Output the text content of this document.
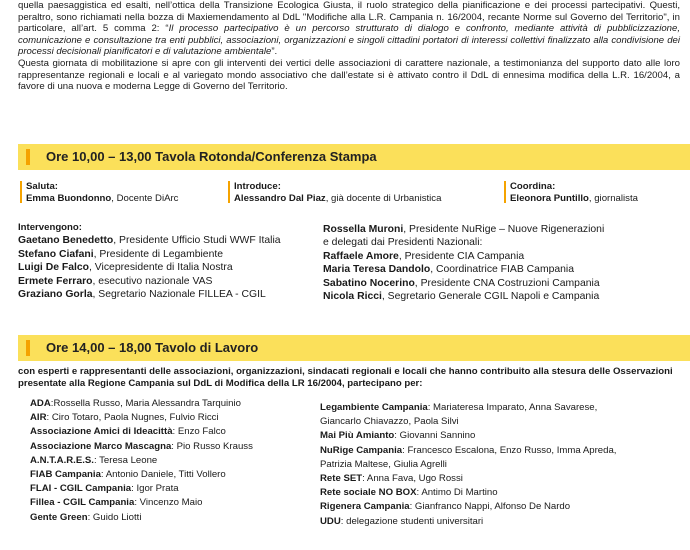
quella paesaggistica ed esalti, nell’ottica della Transizione Ecologica Giusta, il ruolo strategico della pianificazione e dei processi partecipativi. Questi, peraltro, sono richiamati nella bozza di Maxiemendamento al DdL "Modifiche alla L.R. Campania n. 16/2004, recante Norme sul Governo del Territorio", in particolare, all’art. 5 comma 2: “Il processo partecipativo è un percorso strutturato di dialogo e confronto, mediante attività di pubblicizzazione, comunicazione e consultazione tra enti pubblici, associazioni, organizzazioni e singoli cittadini portatori di interessi collettivi finalizzato alla condivisione dei processi decisionali pianificatori e di valutazione ambientale”.

Questa giornata di mobilitazione si apre con gli interventi dei vertici delle associazioni di carattere nazionale, a testimonianza del supporto dato alle loro rappresentanze regionali e locali e al variegato mondo associativo che dall’estate si è attivato contro il DdL di ennesima modifica della L.R. 16/2004, a favore di una nuova e moderna Legge di Governo del Territorio.

Ore 10,00 – 13,00 Tavola Rotonda/Conferenza Stampa
Saluta:
Emma Buondonno, Docente DiArc
Introduce:
Alessandro Dal Piaz, già docente di Urbanistica
Coordina:
Eleonora Puntillo, giornalista
Intervengono:
Gaetano Benedetto, Presidente Ufficio Studi WWF Italia
Stefano Ciafani, Presidente di Legambiente
Luigi De Falco, Vicepresidente di Italia Nostra
Ermete Ferraro, esecutivo nazionale VAS
Graziano Gorla, Segretario Nazionale FILLEA - CGIL
Rossella Muroni, Presidente NuRige – Nuove Rigenerazioni
e delegati dai Presidenti Nazionali:
Raffaele Amore, Presidente CIA Campania
Maria Teresa Dandolo, Coordinatrice FIAB Campania
Sabatino Nocerino, Presidente CNA Costruzioni Campania
Nicola Ricci, Segretario Generale CGIL Napoli e Campania
Ore 14,00 – 18,00 Tavolo di Lavoro
con esperti e rappresentanti delle associazioni, organizzazioni, sindacati regionali e locali che hanno contribuito alla stesura delle Osservazioni presentate alla Regione Campania sul DdL di Modifica della LR 16/2004, partecipano per:
ADA:Rossella Russo, Maria Alessandra Tarquinio
AIR: Ciro Totaro, Paola Nugnes, Fulvio Ricci
Associazione Amici di Ideacittà: Enzo Falco
Associazione Marco Mascagna: Pio Russo Krauss
A.N.T.A.R.E.S.: Teresa Leone
FIAB Campania: Antonio Daniele, Titti Vollero
FLAI - CGIL Campania: Igor Prata
Fillea - CGIL Campania: Vincenzo Maio
Gente Green: Guido Liotti
Legambiente Campania: Mariateresa Imparato, Anna Savarese,
Giancarlo Chiavazzo, Paola Silvi
Mai Più Amianto: Giovanni Sannino
NuRige Campania: Francesco Escalona, Enzo Russo, Imma Apreda,
Patrizia Maltese, Giulia Agrelli
Rete SET: Anna Fava, Ugo Rossi
Rete sociale NO BOX: Antimo Di Martino
Rigenera Campania: Gianfranco Nappi, Alfonso De Nardo
UDU: delegazione studenti universitari
